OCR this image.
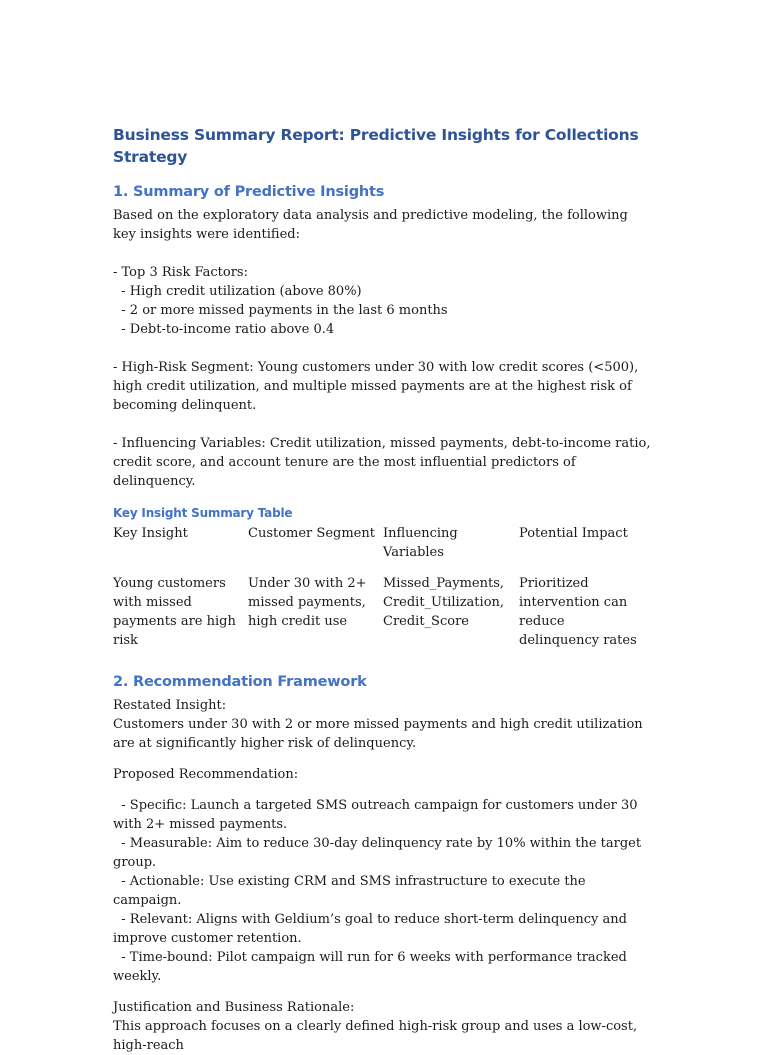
Business Summary Report: Predictive Insights for Collections Strategy
1. Summary of Predictive Insights

Based on the exploratory data analysis and predictive modeling, the following key insights were identified:

- Top 3 Risk Factors:

- High credit utilization (above 80%)

- 2 or more missed payments in the last 6 months

- Debt-to-income ratio above 0.4

- High-Risk Segment: Young customers under 30 with low credit scores (<500), high credit utilization, and multiple missed payments are at the highest risk of becoming delinquent.

- Influencing Variables: Credit utilization, missed payments, debt-to-income ratio, credit score, and account tenure are the most influential predictors of delinquency.

Key Insight Summary Table
Key Insight	Customer Segment	Influencing Variables	Potential Impact
Young customers with missed payments are high risk	Under 30 with 2+ missed payments, high credit use	Missed_Payments, Credit_Utilization, Credit_Score	Prioritized intervention can reduce delinquency rates
2. Recommendation Framework

Restated Insight:

Customers under 30 with 2 or more missed payments and high credit utilization are at significantly higher risk of delinquency.

Proposed Recommendation:

- Specific: Launch a targeted SMS outreach campaign for customers under 30 with 2+ missed payments.

- Measurable: Aim to reduce 30-day delinquency rate by 10% within the target group.

- Actionable: Use existing CRM and SMS infrastructure to execute the campaign.

- Relevant: Aligns with Geldium’s goal to reduce short-term delinquency and improve customer retention.

- Time-bound: Pilot campaign will run for 6 weeks with performance tracked weekly.

Justification and Business Rationale:

This approach focuses on a clearly defined high-risk group and uses a low-cost, high-reach
